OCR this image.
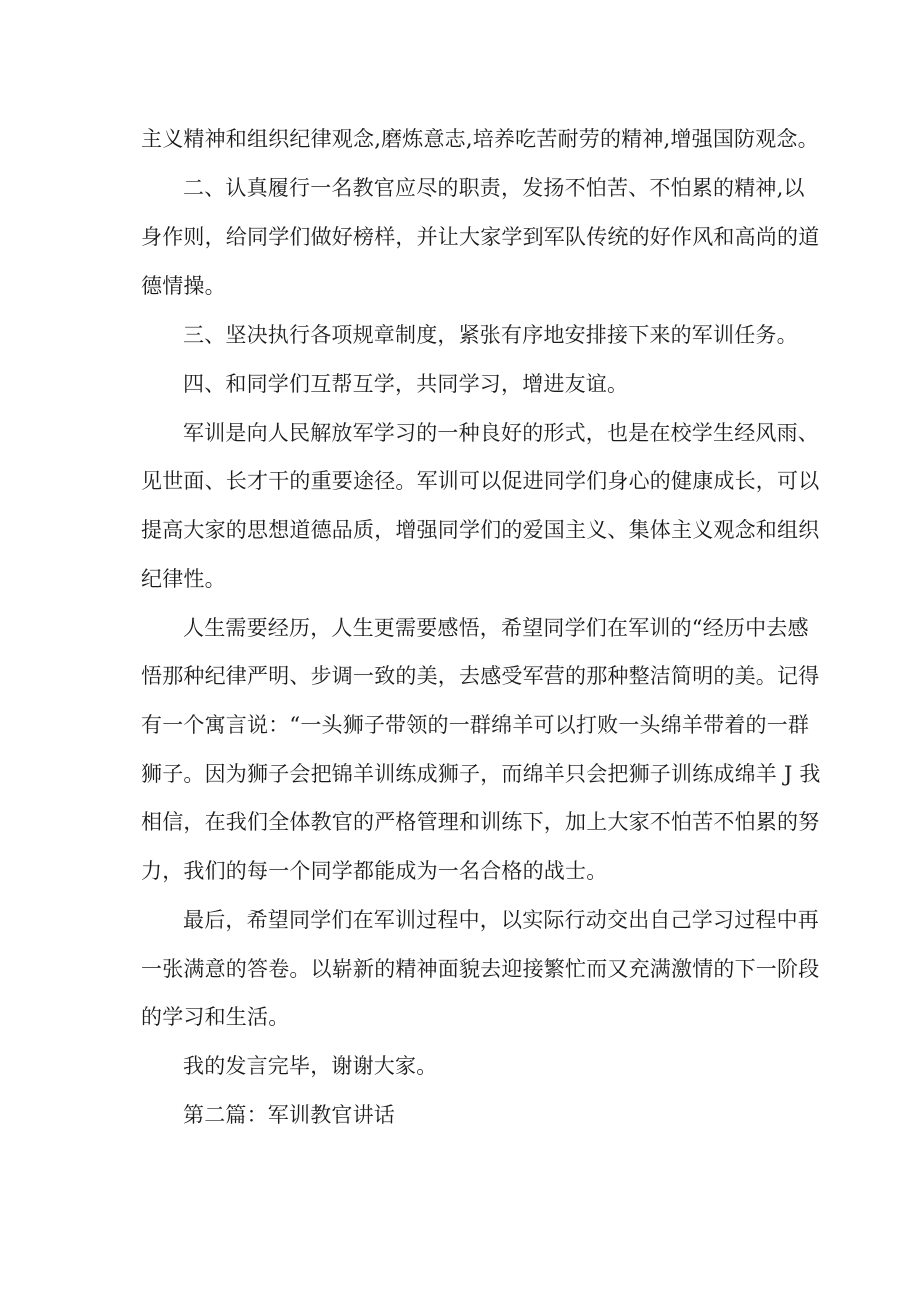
主义精神和组织纪律观念,磨炼意志,培养吃苦耐劳的精神,增强国防观念。
二、认真履行一名教官应尽的职责，发扬不怕苦、不怕累的精神,以
身作则，给同学们做好榜样，并让大家学到军队传统的好作风和高尚的道
德情操。
三、坚决执行各项规章制度，紧张有序地安排接下来的军训任务。
四、和同学们互帮互学，共同学习，增进友谊。
军训是向人民解放军学习的一种良好的形式，也是在校学生经风雨、
见世面、长才干的重要途径。军训可以促进同学们身心的健康成长，可以
提高大家的思想道德品质，增强同学们的爱国主义、集体主义观念和组织
纪律性。
人生需要经历，人生更需要感悟，希望同学们在军训的“经历中去感
悟那种纪律严明、步调一致的美，去感受军营的那种整洁简明的美。记得
有一个寓言说：“一头狮子带领的一群绵羊可以打败一头绵羊带着的一群
狮子。因为狮子会把锦羊训练成狮子，而绵羊只会把狮子训练成绵羊 J 我
相信，在我们全体教官的严格管理和训练下，加上大家不怕苦不怕累的努
力，我们的每一个同学都能成为一名合格的战士。
最后，希望同学们在军训过程中，以实际行动交出自己学习过程中再
一张满意的答卷。以崭新的精神面貌去迎接繁忙而又充满激情的下一阶段
的学习和生活。
我的发言完毕，谢谢大家。
第二篇：军训教官讲话
